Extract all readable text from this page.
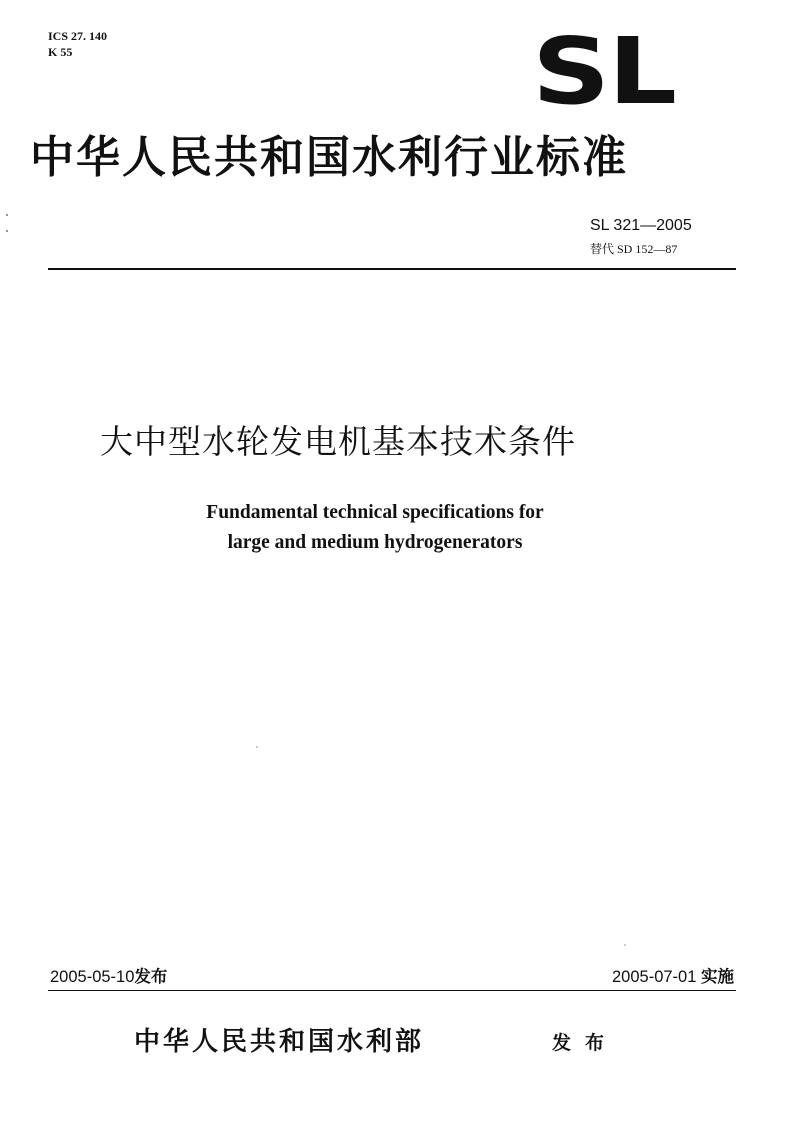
ICS 27. 140
K 55	SL
中华人民共和国水利行业标准
SL 321—2005
替代 SD 152—87
大中型水轮发电机基本技术条件
Fundamental technical specifications for
large and medium hydrogenerators
2005-05-10发布	2005-07-01 实施
中华人民共和国水利部	发布
